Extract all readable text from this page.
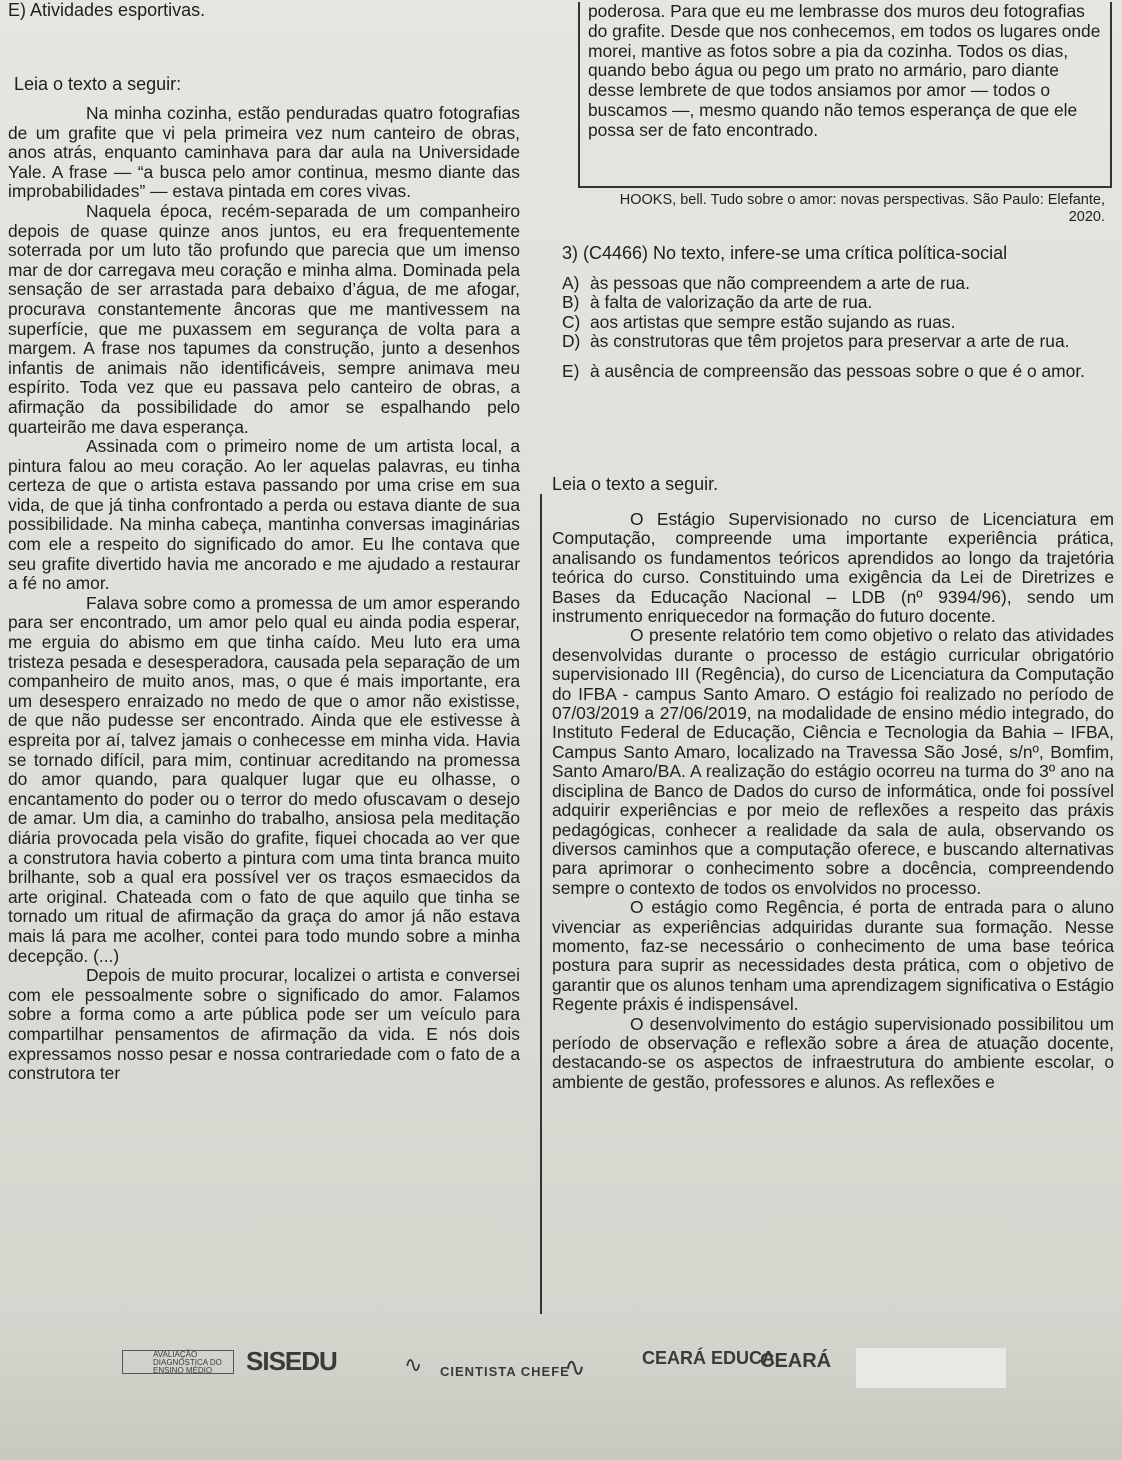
E) Atividades esportivas.
Leia o texto a seguir:

Na minha cozinha, estão penduradas quatro fotografias de um grafite que vi pela primeira vez num canteiro de obras, anos atrás, enquanto caminhava para dar aula na Universidade Yale. A frase — “a busca pelo amor continua, mesmo diante das improbabilidades” — estava pintada em cores vivas.

Naquela época, recém-separada de um companheiro depois de quase quinze anos juntos, eu era frequentemente soterrada por um luto tão profundo que parecia que um imenso mar de dor carregava meu coração e minha alma. Dominada pela sensação de ser arrastada para debaixo d’água, de me afogar, procurava constantemente âncoras que me mantivessem na superfície, que me puxassem em segurança de volta para a margem. A frase nos tapumes da construção, junto a desenhos infantis de animais não identificáveis, sempre animava meu espírito. Toda vez que eu passava pelo canteiro de obras, a afirmação da possibilidade do amor se espalhando pelo quarteirão me dava esperança.

Assinada com o primeiro nome de um artista local, a pintura falou ao meu coração. Ao ler aquelas palavras, eu tinha certeza de que o artista estava passando por uma crise em sua vida, de que já tinha confrontado a perda ou estava diante de sua possibilidade. Na minha cabeça, mantinha conversas imaginárias com ele a respeito do significado do amor. Eu lhe contava que seu grafite divertido havia me ancorado e me ajudado a restaurar a fé no amor.

Falava sobre como a promessa de um amor esperando para ser encontrado, um amor pelo qual eu ainda podia esperar, me erguia do abismo em que tinha caído. Meu luto era uma tristeza pesada e desesperadora, causada pela separação de um companheiro de muito anos, mas, o que é mais importante, era um desespero enraizado no medo de que o amor não existisse, de que não pudesse ser encontrado. Ainda que ele estivesse à espreita por aí, talvez jamais o conhecesse em minha vida. Havia se tornado difícil, para mim, continuar acreditando na promessa do amor quando, para qualquer lugar que eu olhasse, o encantamento do poder ou o terror do medo ofuscavam o desejo de amar. Um dia, a caminho do trabalho, ansiosa pela meditação diária provocada pela visão do grafite, fiquei chocada ao ver que a construtora havia coberto a pintura com uma tinta branca muito brilhante, sob a qual era possível ver os traços esmaecidos da arte original. Chateada com o fato de que aquilo que tinha se tornado um ritual de afirmação da graça do amor já não estava mais lá para me acolher, contei para todo mundo sobre a minha decepção. (...)

Depois de muito procurar, localizei o artista e conversei com ele pessoalmente sobre o significado do amor. Falamos sobre a forma como a arte pública pode ser um veículo para compartilhar pensamentos de afirmação da vida. E nós dois expressamos nosso pesar e nossa contrariedade com o fato de a construtora ter

poderosa. Para que eu me lembrasse dos muros deu fotografias do grafite. Desde que nos conhecemos, em todos os lugares onde morei, mantive as fotos sobre a pia da cozinha. Todos os dias, quando bebo água ou pego um prato no armário, paro diante desse lembrete de que todos ansiamos por amor — todos o buscamos —, mesmo quando não temos esperança de que ele possa ser de fato encontrado.
HOOKS, bell. Tudo sobre o amor: novas perspectivas. São Paulo: Elefante, 2020.

3) (C4466) No texto, infere-se uma crítica política-social

A) às pessoas que não compreendem a arte de rua.
B) à falta de valorização da arte de rua.
C) aos artistas que sempre estão sujando as ruas.
D) às construtoras que têm projetos para preservar a arte de rua.
E) à ausência de compreensão das pessoas sobre o que é o amor.
Leia o texto a seguir.

O Estágio Supervisionado no curso de Licenciatura em Computação, compreende uma importante experiência prática, analisando os fundamentos teóricos aprendidos ao longo da trajetória teórica do curso. Constituindo uma exigência da Lei de Diretrizes e Bases da Educação Nacional – LDB (nº 9394/96), sendo um instrumento enriquecedor na formação do futuro docente.

O presente relatório tem como objetivo o relato das atividades desenvolvidas durante o processo de estágio curricular obrigatório supervisionado III (Regência), do curso de Licenciatura da Computação do IFBA - campus Santo Amaro. O estágio foi realizado no período de 07/03/2019 a 27/06/2019, na modalidade de ensino médio integrado, do Instituto Federal de Educação, Ciência e Tecnologia da Bahia – IFBA, Campus Santo Amaro, localizado na Travessa São José, s/nº, Bomfim, Santo Amaro/BA. A realização do estágio ocorreu na turma do 3º ano na disciplina de Banco de Dados do curso de informática, onde foi possível adquirir experiências e por meio de reflexões a respeito das práxis pedagógicas, conhecer a realidade da sala de aula, observando os diversos caminhos que a computação oferece, e buscando alternativas para aprimorar o conhecimento sobre a docência, compreendendo sempre o contexto de todos os envolvidos no processo.

O estágio como Regência, é porta de entrada para o aluno vivenciar as experiências adquiridas durante sua formação. Nesse momento, faz-se necessário o conhecimento de uma base teórica postura para suprir as necessidades desta prática, com o objetivo de garantir que os alunos tenham uma aprendizagem significativa o Estágio Regente práxis é indispensável.

O desenvolvimento do estágio supervisionado possibilitou um período de observação e reflexão sobre a área de atuação docente, destacando-se os aspectos de infraestrutura do ambiente escolar, o ambiente de gestão, professores e alunos. As reflexões e

AVALIAÇÃO DIAGNÓSTICA DO ENSINO MÉDIO	SISEDU	∿ CIENTISTA CHEFE
∿	CEARÁ EDUCA
CEARÁ
